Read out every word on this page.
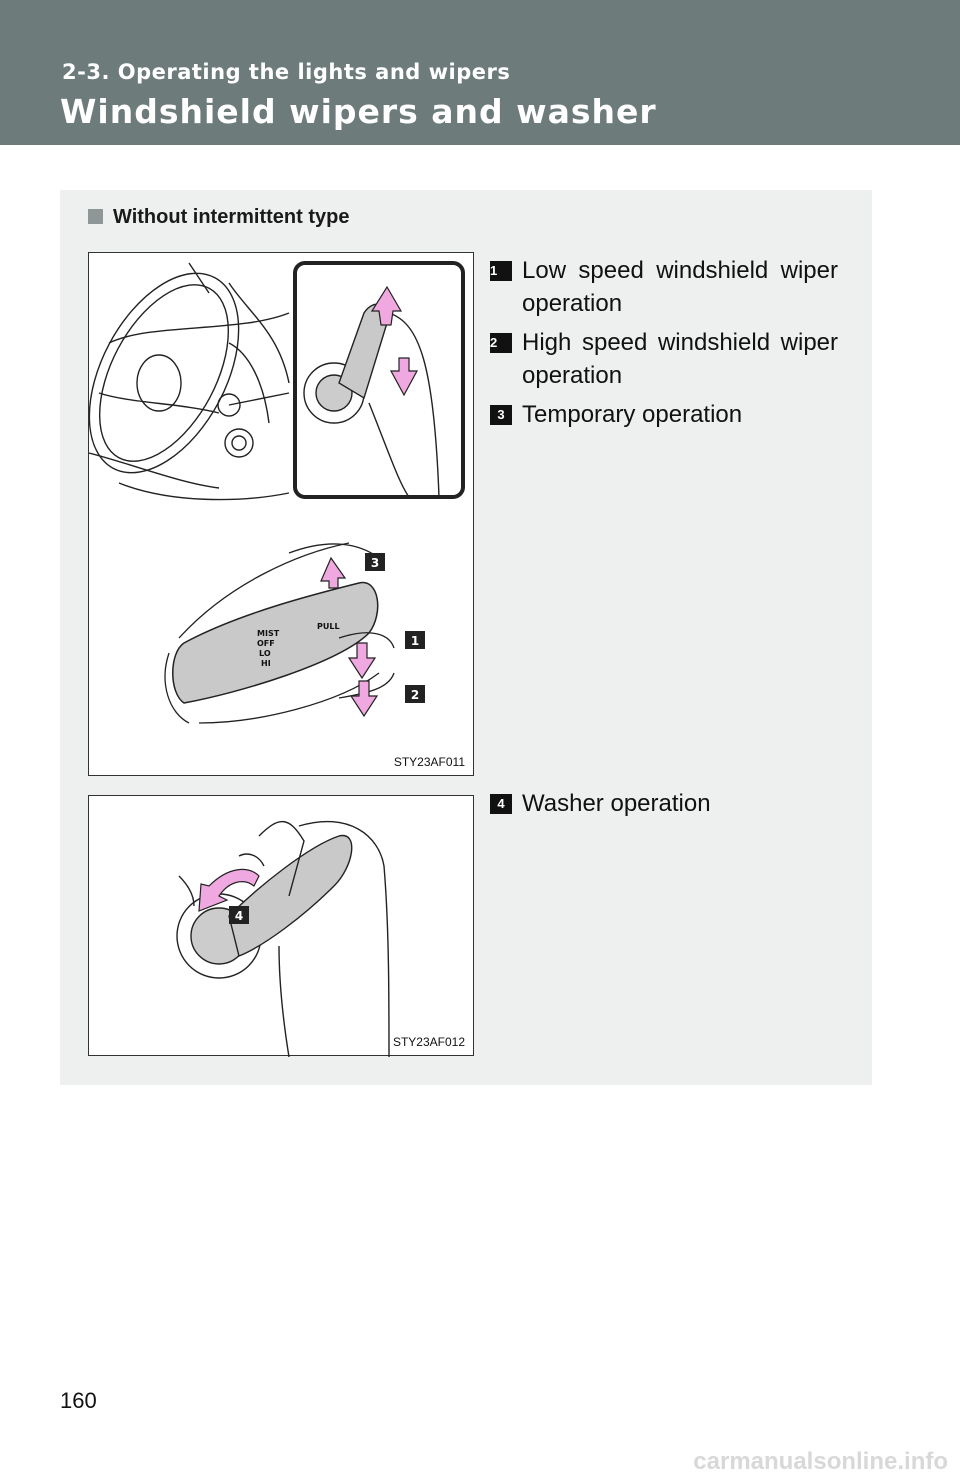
2-3. Operating the lights and wipers
Windshield wipers and washer
Without intermittent type
MIST
OFF
LO
HI
PULL
3
1
2
STY23AF011
4
STY23AF012
1	Low speed windshield wiper operation
2	High speed windshield wiper operation
3 Temporary operation
4 Washer operation
160
carmanualsonline.info
